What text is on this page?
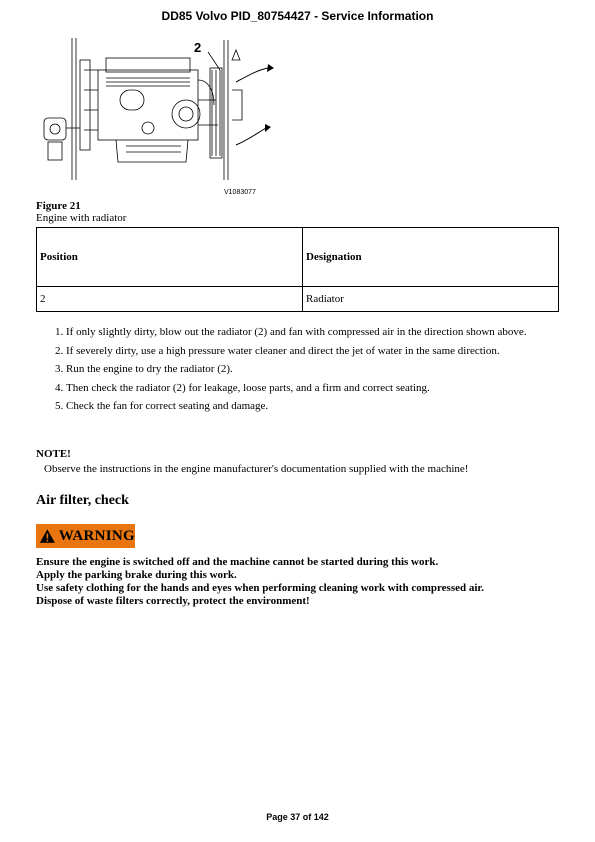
DD85 Volvo PID_80754427 - Service Information
2
V1083077
Figure 21
Engine with radiator
Position	Designation
2	Radiator
1. If only slightly dirty, blow out the radiator (2) and fan with compressed air in the direction shown above.
2. If severely dirty, use a high pressure water cleaner and direct the jet of water in the same direction.
3. Run the engine to dry the radiator (2).
4. Then check the radiator (2) for leakage, loose parts, and a firm and correct seating.
5. Check the fan for correct seating and damage.
NOTE!
Observe the instructions in the engine manufacturer's documentation supplied with the machine!
Air filter, check
WARNING
Ensure the engine is switched off and the machine cannot be started during this work.
Apply the parking brake during this work.
Use safety clothing for the hands and eyes when performing cleaning work with compressed air.
Dispose of waste filters correctly, protect the environment!
Page 37 of 142
